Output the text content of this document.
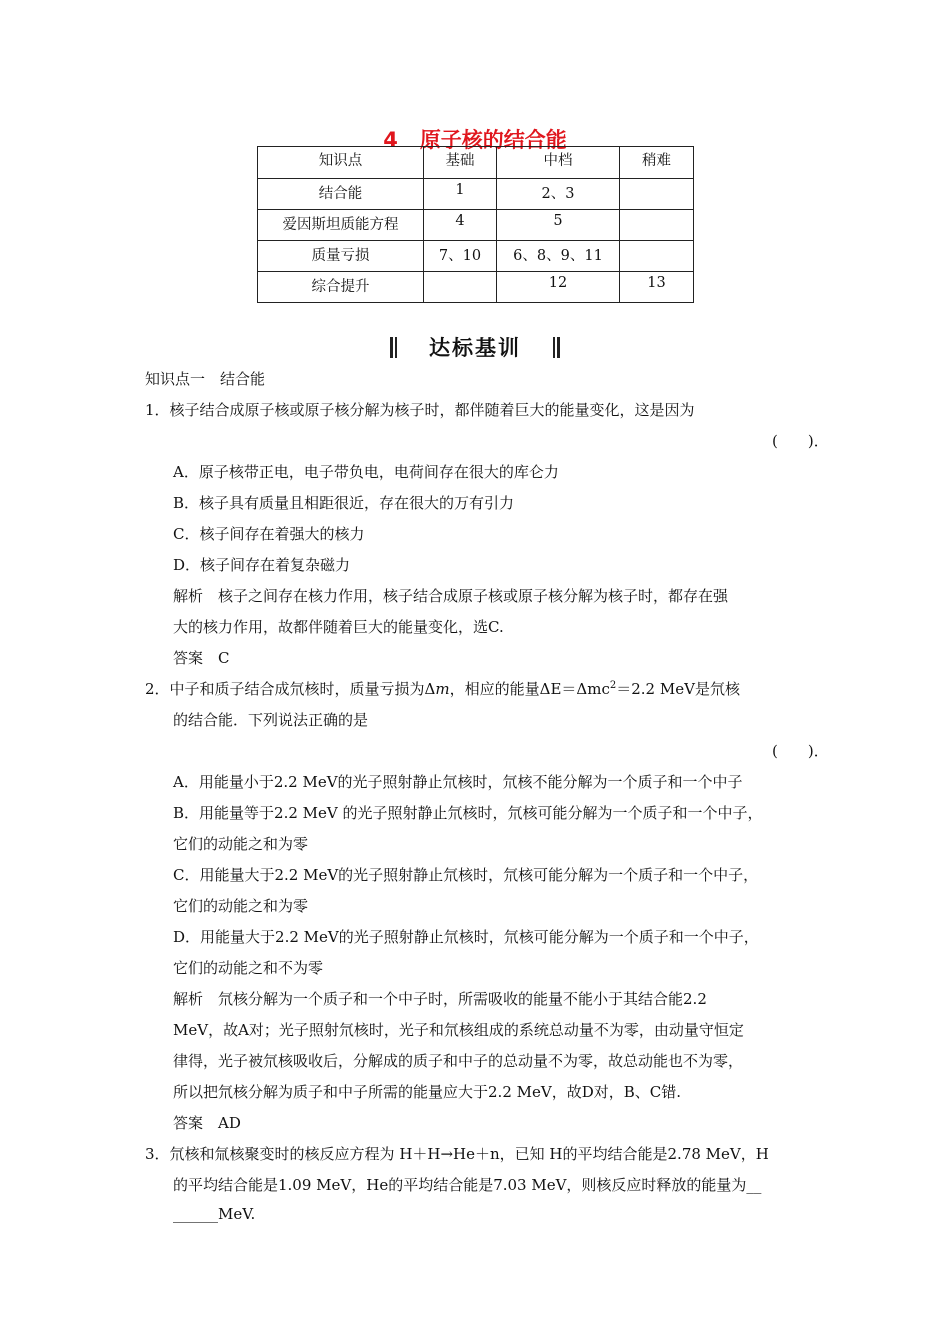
4 原子核的结合能
知识点	基础	中档	稍难
结合能	1	2、3	
爱因斯坦质能方程	4	5	
质量亏损	7、10	6、8、9、11	
综合提升		12	13
达标基训
知识点一　结合能
1．核子结合成原子核或原子核分解为核子时，都伴随着巨大的能量变化，这是因为
(　　)．
A．原子核带正电，电子带负电，电荷间存在很大的库仑力
B．核子具有质量且相距很近，存在很大的万有引力
C．核子间存在着强大的核力
D．核子间存在着复杂磁力
解析　核子之间存在核力作用，核子结合成原子核或原子核分解为核子时，都存在强
大的核力作用，故都伴随着巨大的能量变化，选C.
答案　C
2．中子和质子结合成氘核时，质量亏损为Δm，相应的能量ΔE＝Δmc$^2$＝2.2 MeV是氘核
的结合能．下列说法正确的是
(　　)．
A．用能量小于2.2 MeV的光子照射静止氘核时，氘核不能分解为一个质子和一个中子
B．用能量等于2.2 MeV 的光子照射静止氘核时，氘核可能分解为一个质子和一个中子，
它们的动能之和为零
C．用能量大于2.2 MeV的光子照射静止氘核时，氘核可能分解为一个质子和一个中子，
它们的动能之和为零
D．用能量大于2.2 MeV的光子照射静止氘核时，氘核可能分解为一个质子和一个中子，
它们的动能之和不为零
解析　氘核分解为一个质子和一个中子时，所需吸收的能量不能小于其结合能2.2
MeV，故A对；光子照射氘核时，光子和氘核组成的系统总动量不为零，由动量守恒定
律得，光子被氘核吸收后，分解成的质子和中子的总动量不为零，故总动能也不为零，
所以把氘核分解为质子和中子所需的能量应大于2.2 MeV，故D对，B、C错.
答案　AD
3．氘核和氚核聚变时的核反应方程为 H＋H→He＋n，已知 H的平均结合能是2.78 MeV，H
的平均结合能是1.09 MeV，He的平均结合能是7.03 MeV，则核反应时释放的能量为__
______MeV.
